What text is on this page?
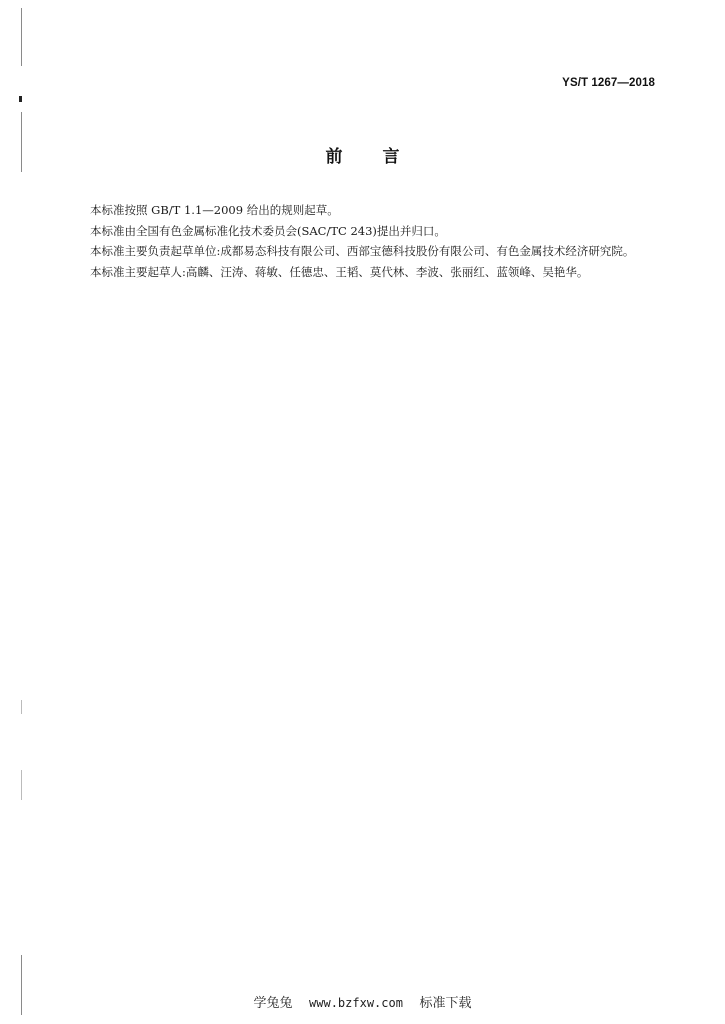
YS/T 1267—2018
前 言

本标准按照 GB/T 1.1—2009 给出的规则起草。

本标准由全国有色金属标准化技术委员会(SAC/TC 243)提出并归口。

本标准主要负责起草单位:成都易态科技有限公司、西部宝德科技股份有限公司、有色金属技术经济研究院。

本标准主要起草人:高麟、汪涛、蒋敏、任德忠、王韬、莫代林、李波、张丽红、蓝领峰、吴艳华。

学兔兔 www.bzfxw.com 标准下载
